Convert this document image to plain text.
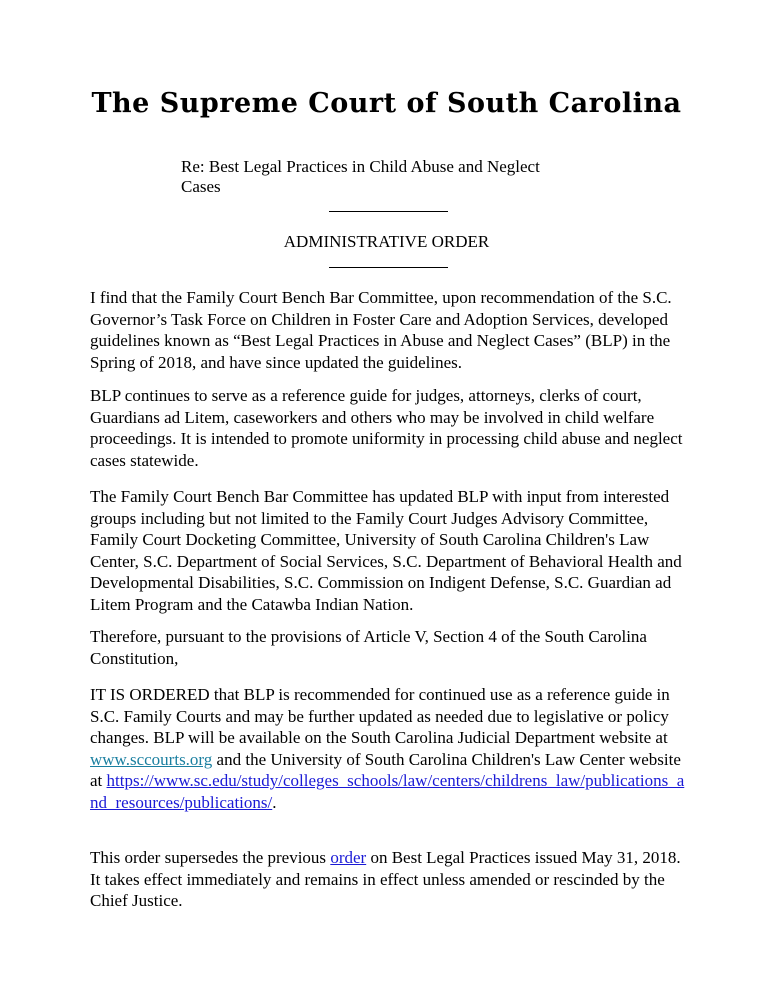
The Supreme Court of South Carolina

Re: Best Legal Practices in Child Abuse and Neglect Cases

ADMINISTRATIVE ORDER

I find that the Family Court Bench Bar Committee, upon recommendation of the S.C. Governor’s Task Force on Children in Foster Care and Adoption Services, developed guidelines known as “Best Legal Practices in Abuse and Neglect Cases” (BLP) in the Spring of 2018, and have since updated the guidelines.

BLP continues to serve as a reference guide for judges, attorneys, clerks of court, Guardians ad Litem, caseworkers and others who may be involved in child welfare proceedings. It is intended to promote uniformity in processing child abuse and neglect cases statewide.

The Family Court Bench Bar Committee has updated BLP with input from interested groups including but not limited to the Family Court Judges Advisory Committee, Family Court Docketing Committee, University of South Carolina Children's Law Center, S.C. Department of Social Services, S.C. Department of Behavioral Health and Developmental Disabilities, S.C. Commission on Indigent Defense, S.C. Guardian ad Litem Program and the Catawba Indian Nation.

Therefore, pursuant to the provisions of Article V, Section 4 of the South Carolina Constitution,

IT IS ORDERED that BLP is recommended for continued use as a reference guide in S.C. Family Courts and may be further updated as needed due to legislative or policy changes. BLP will be available on the South Carolina Judicial Department website at www.sccourts.org and the University of South Carolina Children's Law Center website
at https://www.sc.edu/study/colleges_schools/law/centers/childrens_law/publications_and_resources/publications/.

This order supersedes the previous order on Best Legal Practices issued May 31, 2018. It takes effect immediately and remains in effect unless amended or rescinded by the Chief Justice.
